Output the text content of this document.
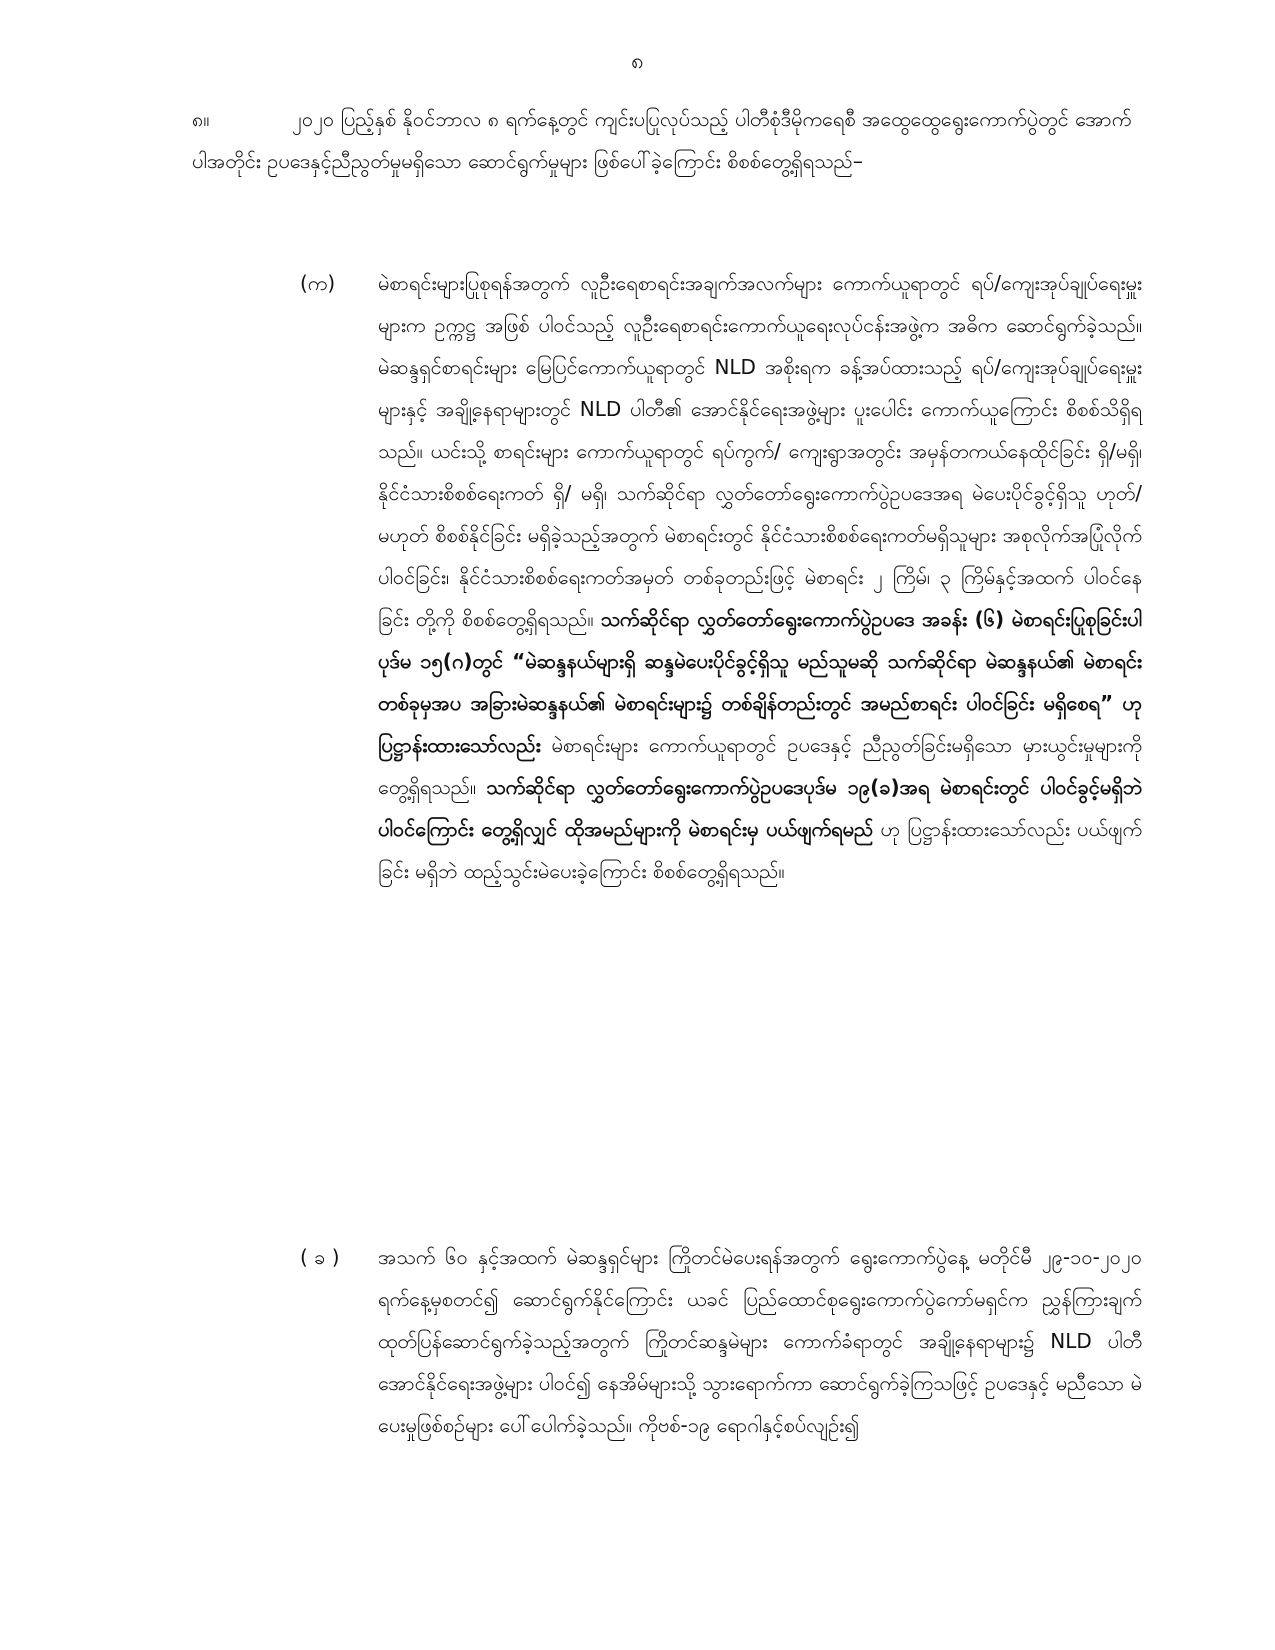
၈
၈။	၂၀၂၀ ပြည့်နှစ် နိုဝင်ဘာလ ၈ ရက်နေ့တွင် ကျင်းပပြုလုပ်သည့် ပါတီစုံဒီမိုကရေစီ အထွေထွေရွေးကောက်ပွဲတွင် အောက်ပါအတိုင်း ဥပဒေနှင့်ညီညွတ်မှုမရှိသော ဆောင်ရွက်မှုများ ဖြစ်ပေါ်ခဲ့ကြောင်း စိစစ်တွေ့ရှိရသည်–
(က)	မဲစာရင်းများပြုစုရန်အတွက် လူဦးရေစာရင်းအချက်အလက်များ ကောက်ယူရာတွင် ရပ်/ကျေးအုပ်ချုပ်ရေးမှူးများက ဥက္ကဋ္ဌ အဖြစ် ပါဝင်သည့် လူဦးရေစာရင်းကောက်ယူရေးလုပ်ငန်းအဖွဲ့က အဓိက ဆောင်ရွက်ခဲ့သည်။ မဲဆန္ဒရှင်စာရင်းများ မြေပြင်ကောက်ယူရာတွင် NLD အစိုးရက ခန့်အပ်ထားသည့် ရပ်/ကျေးအုပ်ချုပ်ရေးမှူးများနှင့် အချို့နေရာများတွင် NLD ပါတီ၏ အောင်နိုင်ရေးအဖွဲ့များ ပူးပေါင်း ကောက်ယူကြောင်း စိစစ်သိရှိရသည်။ ယင်းသို့ စာရင်းများ ကောက်ယူရာတွင် ရပ်ကွက်/ ကျေးရွာအတွင်း အမှန်တကယ်နေထိုင်ခြင်း ရှိ/မရှိ၊ နိုင်ငံသားစိစစ်ရေးကတ် ရှိ/ မရှိ၊ သက်ဆိုင်ရာ လွှတ်တော်ရွေးကောက်ပွဲဥပဒေအရ မဲပေးပိုင်ခွင့်ရှိသူ ဟုတ်/ မဟုတ် စိစစ်နိုင်ခြင်း မရှိခဲ့သည့်အတွက် မဲစာရင်းတွင် နိုင်ငံသားစိစစ်ရေးကတ်မရှိသူများ အစုလိုက်အပြုံလိုက် ပါဝင်ခြင်း၊ နိုင်ငံသားစိစစ်ရေးကတ်အမှတ် တစ်ခုတည်းဖြင့် မဲစာရင်း ၂ ကြိမ်၊ ၃ ကြိမ်နှင့်အထက် ပါဝင်နေခြင်း တို့ကို စိစစ်တွေ့ရှိရသည်။ သက်ဆိုင်ရာ လွှတ်တော်ရွေးကောက်ပွဲဥပဒေ အခန်း (၆) မဲစာရင်းပြုစုခြင်းပါ ပုဒ်မ ၁၅(ဂ)တွင် “မဲဆန္ဒနယ်များရှိ ဆန္ဒမဲပေးပိုင်ခွင့်ရှိသူ မည်သူမဆို သက်ဆိုင်ရာ မဲဆန္ဒနယ်၏ မဲစာရင်းတစ်ခုမှအပ အခြားမဲဆန္ဒနယ်၏ မဲစာရင်းများ၌ တစ်ချိန်တည်းတွင် အမည်စာရင်း ပါဝင်ခြင်း မရှိစေရ” ဟု ပြဋ္ဌာန်းထားသော်လည်း မဲစာရင်းများ ကောက်ယူရာတွင် ဥပဒေနှင့် ညီညွတ်ခြင်းမရှိသော မှားယွင်းမှုများကိုတွေ့ရှိရသည်။ သက်ဆိုင်ရာ လွှတ်တော်ရွေးကောက်ပွဲဥပဒေပုဒ်မ ၁၉(ခ)အရ မဲစာရင်းတွင် ပါဝင်ခွင့်မရှိဘဲ ပါဝင်ကြောင်း တွေ့ရှိလျှင် ထိုအမည်များကို မဲစာရင်းမှ ပယ်ဖျက်ရမည် ဟု ပြဋ္ဌာန်းထားသော်လည်း ပယ်ဖျက်ခြင်း မရှိဘဲ ထည့်သွင်းမဲပေးခဲ့ကြောင်း စိစစ်တွေ့ရှိရသည်။
( ခ )	အသက် ၆၀ နှင့်အထက် မဲဆန္ဒရှင်များ ကြိုတင်မဲပေးရန်အတွက် ရွေးကောက်ပွဲနေ့ မတိုင်မီ ၂၉-၁၀-၂၀၂၀ ရက်နေ့မှစတင်၍ ဆောင်ရွက်နိုင်ကြောင်း ယခင် ပြည်ထောင်စုရွေးကောက်ပွဲကော်မရှင်က ညွှန်ကြားချက်ထုတ်ပြန်ဆောင်ရွက်ခဲ့သည့်အတွက် ကြိုတင်ဆန္ဒမဲများ ကောက်ခံရာတွင် အချို့နေရာများ၌ NLD ပါတီ အောင်နိုင်ရေးအဖွဲ့များ ပါဝင်၍ နေအိမ်များသို့ သွားရောက်ကာ ဆောင်ရွက်ခဲ့ကြသဖြင့် ဥပဒေနှင့် မညီသော မဲပေးမှုဖြစ်စဉ်များ ပေါ်ပေါက်ခဲ့သည်။ ကိုဗစ်-၁၉ ရောဂါနှင့်စပ်လျဉ်း၍
